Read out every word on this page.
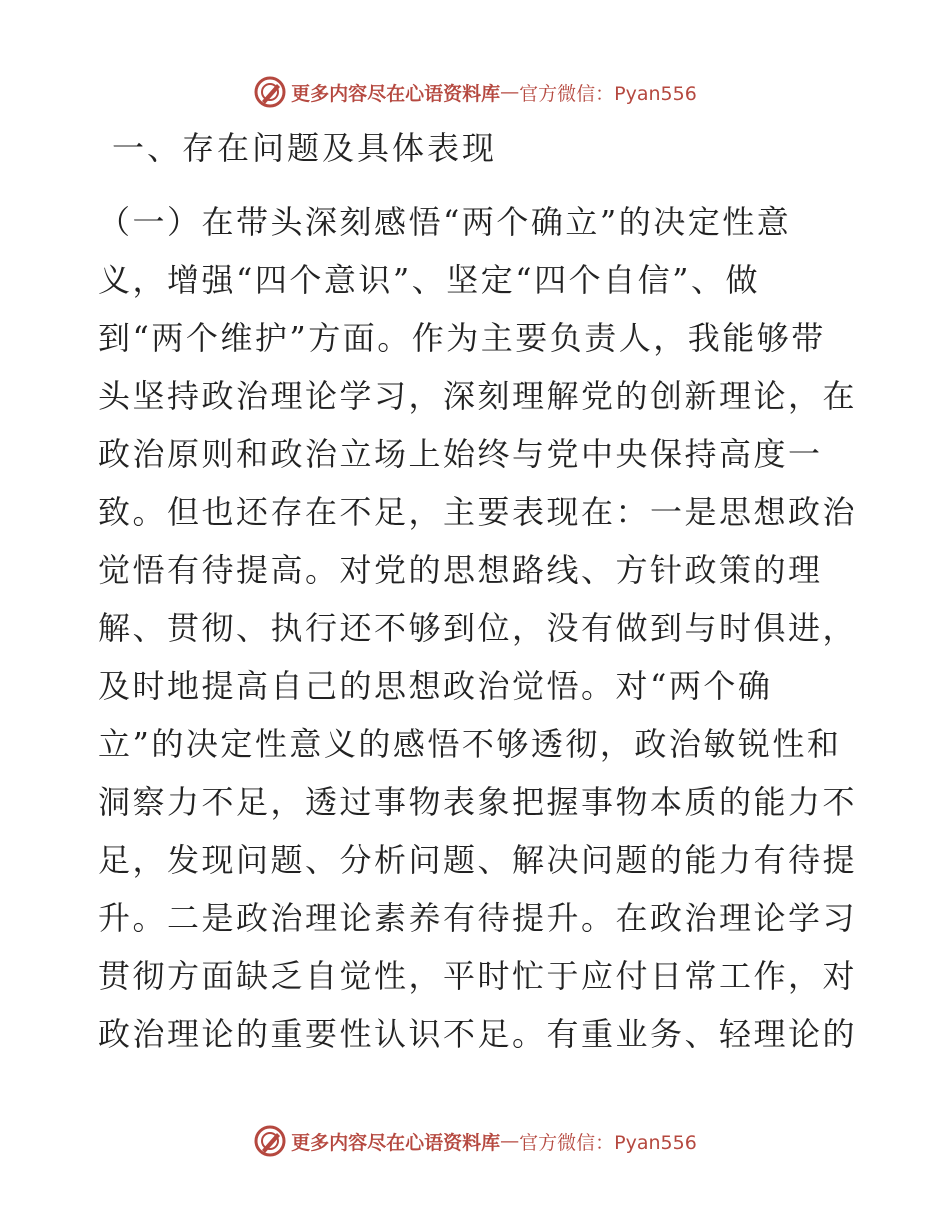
更多内容尽在心语资料库 — 官方微信：Pyan556
一、存在问题及具体表现
（一）在带头深刻感悟“两个确立”的决定性意
义，增强“四个意识”、坚定“四个自信”、做
到“两个维护”方面。作为主要负责人，我能够带
头坚持政治理论学习，深刻理解党的创新理论，在
政治原则和政治立场上始终与党中央保持高度一
致。但也还存在不足，主要表现在：一是思想政治
觉悟有待提高。对党的思想路线、方针政策的理
解、贯彻、执行还不够到位，没有做到与时俱进，
及时地提高自己的思想政治觉悟。对“两个确
立”的决定性意义的感悟不够透彻，政治敏锐性和
洞察力不足，透过事物表象把握事物本质的能力不
足，发现问题、分析问题、解决问题的能力有待提
升。二是政治理论素养有待提升。在政治理论学习
贯彻方面缺乏自觉性，平时忙于应付日常工作，对
政治理论的重要性认识不足。有重业务、轻理论的
更多内容尽在心语资料库 — 官方微信：Pyan556
